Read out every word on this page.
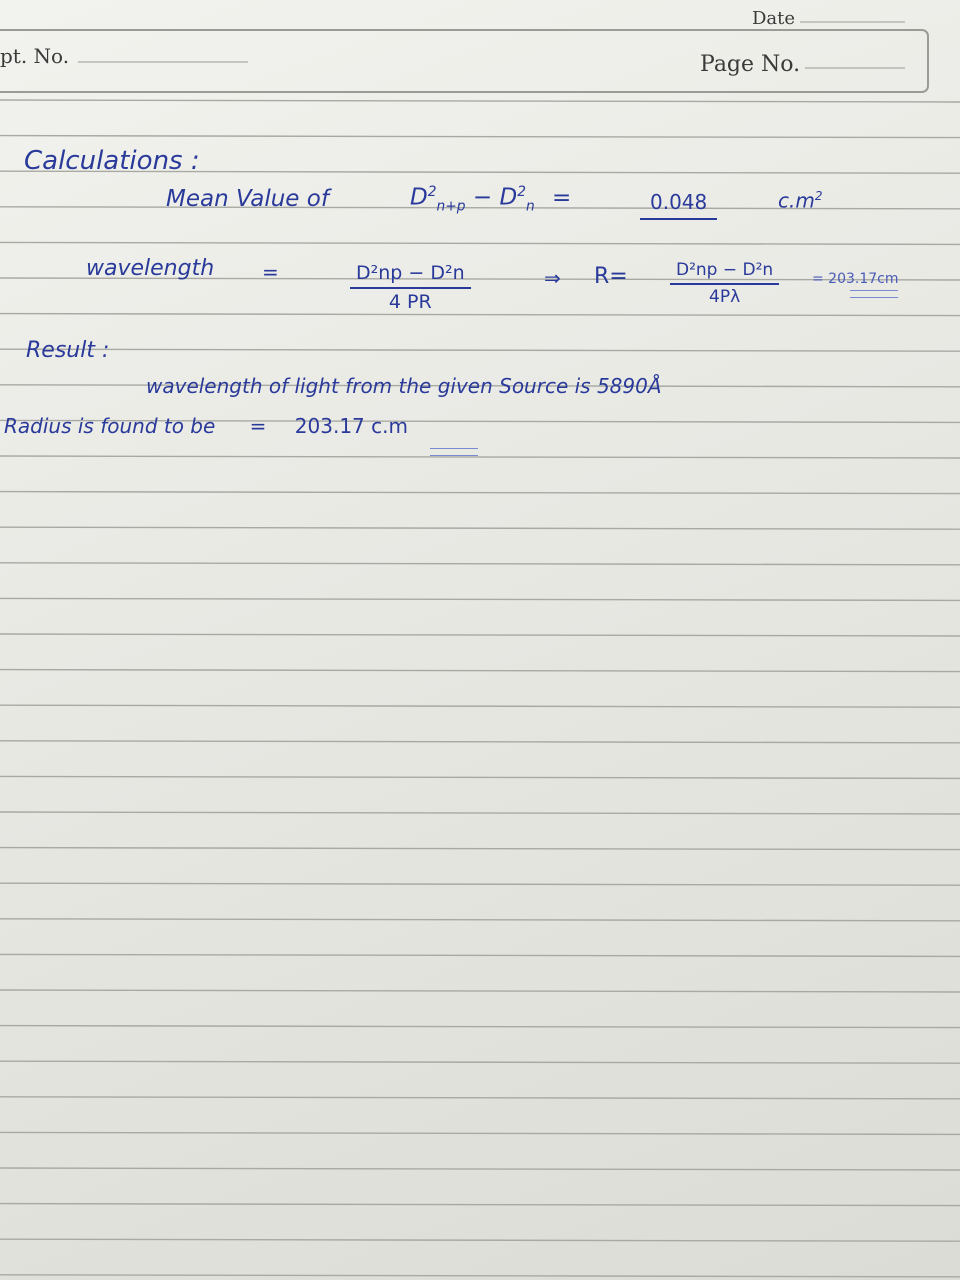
pt. No.
Date
Page No.
Calculations :
Mean Value of	$D^2_{n+p} - D^2_n$ =	0.048	$c.m^2$
wavelength =	$\frac{\text{D²np − D²n}}{4 PR}$	⇒ $R= \frac{\text{D²np − D²n}}{4P\lambda} = 203.17cm$
Result :
wavelength of light from the given Source is 5890Å
Radius is found to be = 203.17 c.m
